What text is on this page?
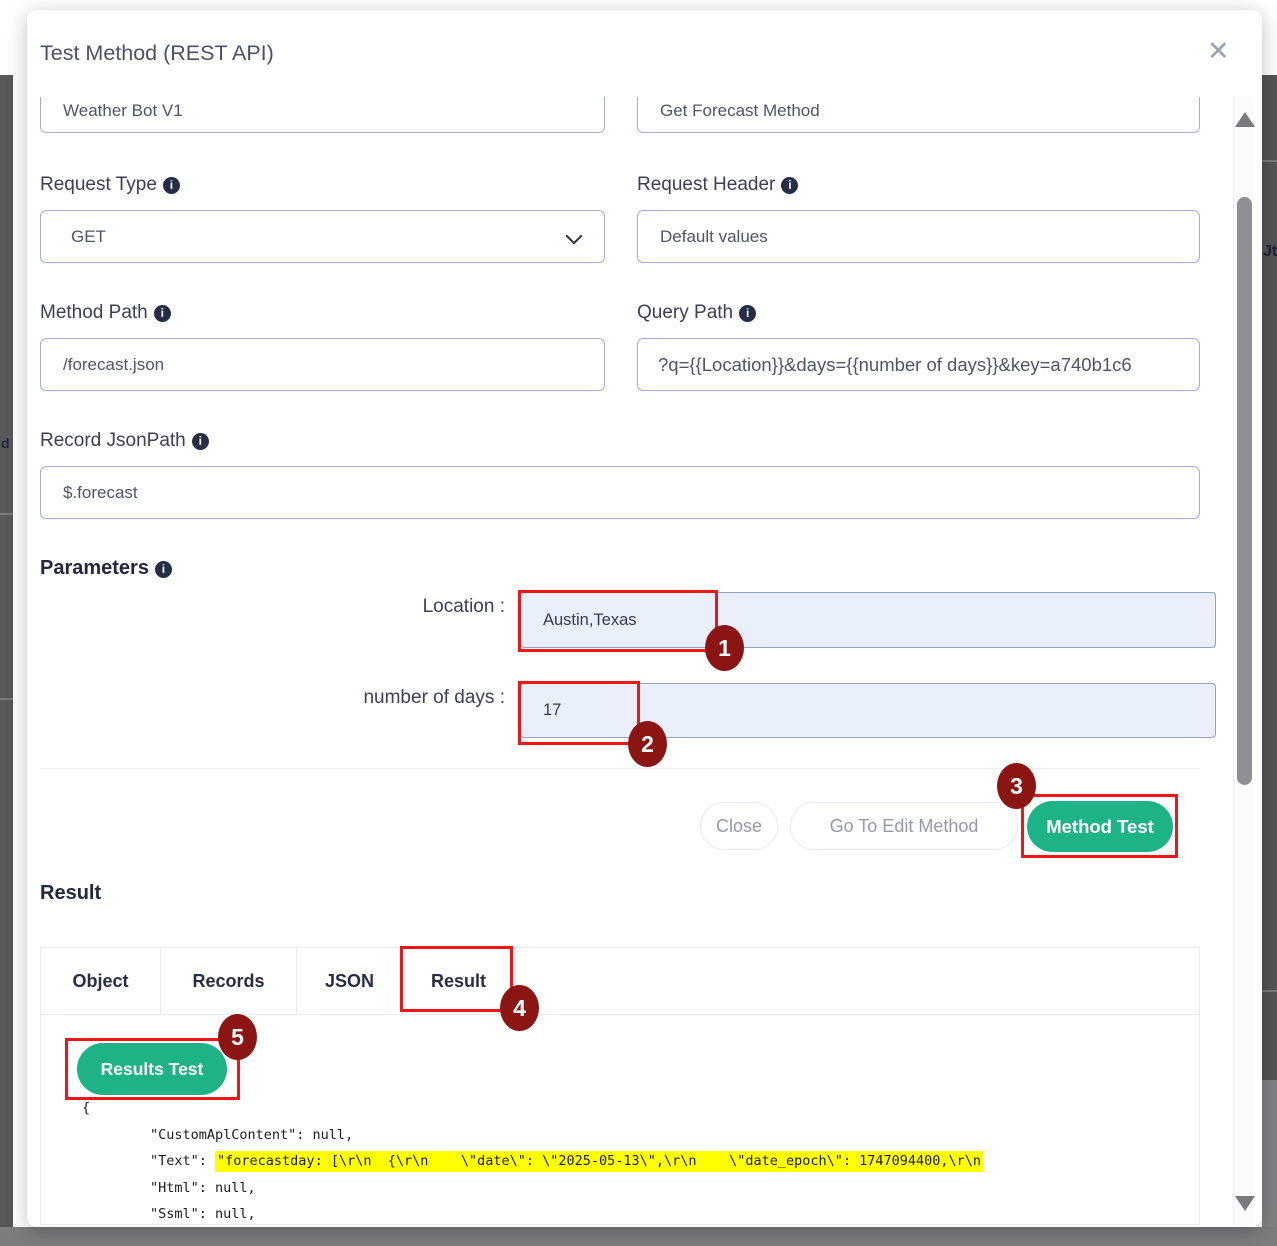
d
Jt
Weather Bot V1	Get Forecast Method
Request Type i	Request Header i
GET	Default values
Method Path i	Query Path i
/forecast.json	?q={{Location}}&days={{number of days}}&key=a740b1c6
Record JsonPath i
$.forecast
Parameters i
Location :
Austin,Texas
number of days :
17
Close	Go To Edit Method	Method Test
Result
Object	Records	JSON	Result
Results Test
{
"CustomAplContent": null,
"Text": "forecastday: [\r\n  {\r\n    \"date\": \"2025-05-13\",\r\n    \"date_epoch\": 1747094400,\r\n
"Html": null,
"Ssml": null,
Test Method (REST API)	✕
1
2
3
4
5
